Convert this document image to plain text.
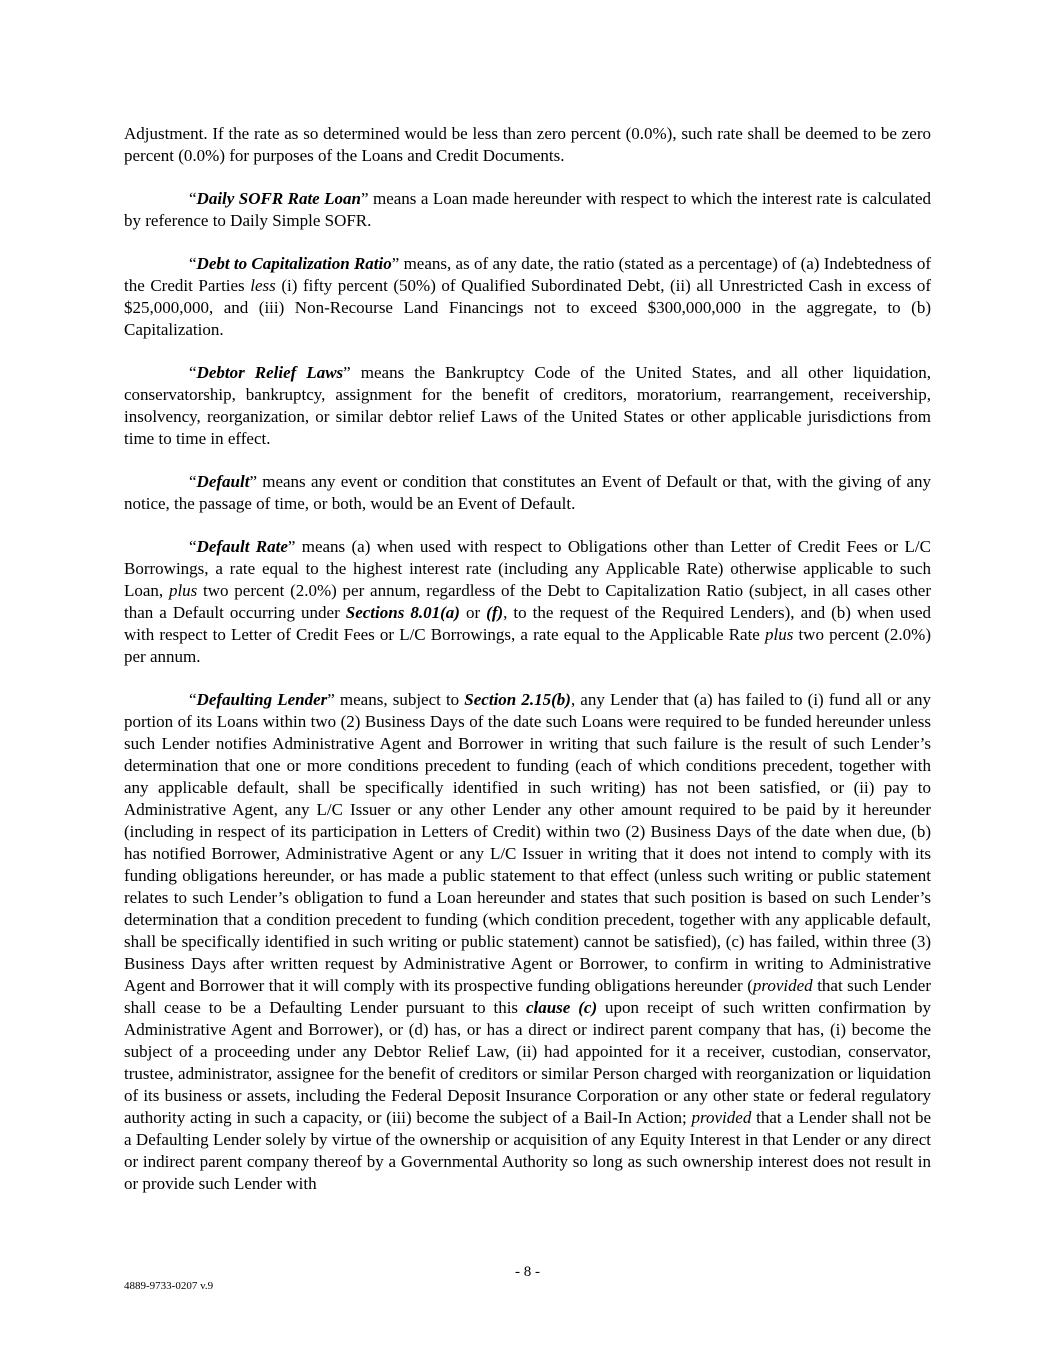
Adjustment. If the rate as so determined would be less than zero percent (0.0%), such rate shall be deemed to be zero percent (0.0%) for purposes of the Loans and Credit Documents.

“Daily SOFR Rate Loan” means a Loan made hereunder with respect to which the interest rate is calculated by reference to Daily Simple SOFR.

“Debt to Capitalization Ratio” means, as of any date, the ratio (stated as a percentage) of (a) Indebtedness of the Credit Parties less (i) fifty percent (50%) of Qualified Subordinated Debt, (ii) all Unrestricted Cash in excess of $25,000,000, and (iii) Non-Recourse Land Financings not to exceed $300,000,000 in the aggregate, to (b) Capitalization.

“Debtor Relief Laws” means the Bankruptcy Code of the United States, and all other liquidation, conservatorship, bankruptcy, assignment for the benefit of creditors, moratorium, rearrangement, receivership, insolvency, reorganization, or similar debtor relief Laws of the United States or other applicable jurisdictions from time to time in effect.

“Default” means any event or condition that constitutes an Event of Default or that, with the giving of any notice, the passage of time, or both, would be an Event of Default.

“Default Rate” means (a) when used with respect to Obligations other than Letter of Credit Fees or L/C Borrowings, a rate equal to the highest interest rate (including any Applicable Rate) otherwise applicable to such Loan, plus two percent (2.0%) per annum, regardless of the Debt to Capitalization Ratio (subject, in all cases other than a Default occurring under Sections 8.01(a) or (f), to the request of the Required Lenders), and (b) when used with respect to Letter of Credit Fees or L/C Borrowings, a rate equal to the Applicable Rate plus two percent (2.0%) per annum.

“Defaulting Lender” means, subject to Section 2.15(b), any Lender that (a) has failed to (i) fund all or any portion of its Loans within two (2) Business Days of the date such Loans were required to be funded hereunder unless such Lender notifies Administrative Agent and Borrower in writing that such failure is the result of such Lender’s determination that one or more conditions precedent to funding (each of which conditions precedent, together with any applicable default, shall be specifically identified in such writing) has not been satisfied, or (ii) pay to Administrative Agent, any L/C Issuer or any other Lender any other amount required to be paid by it hereunder (including in respect of its participation in Letters of Credit) within two (2) Business Days of the date when due, (b) has notified Borrower, Administrative Agent or any L/C Issuer in writing that it does not intend to comply with its funding obligations hereunder, or has made a public statement to that effect (unless such writing or public statement relates to such Lender’s obligation to fund a Loan hereunder and states that such position is based on such Lender’s determination that a condition precedent to funding (which condition precedent, together with any applicable default, shall be specifically identified in such writing or public statement) cannot be satisfied), (c) has failed, within three (3) Business Days after written request by Administrative Agent or Borrower, to confirm in writing to Administrative Agent and Borrower that it will comply with its prospective funding obligations hereunder (provided that such Lender shall cease to be a Defaulting Lender pursuant to this clause (c) upon receipt of such written confirmation by Administrative Agent and Borrower), or (d) has, or has a direct or indirect parent company that has, (i) become the subject of a proceeding under any Debtor Relief Law, (ii) had appointed for it a receiver, custodian, conservator, trustee, administrator, assignee for the benefit of creditors or similar Person charged with reorganization or liquidation of its business or assets, including the Federal Deposit Insurance Corporation or any other state or federal regulatory authority acting in such a capacity, or (iii) become the subject of a Bail-In Action; provided that a Lender shall not be a Defaulting Lender solely by virtue of the ownership or acquisition of any Equity Interest in that Lender or any direct or indirect parent company thereof by a Governmental Authority so long as such ownership interest does not result in or provide such Lender with

- 8 -
4889-9733-0207 v.9
